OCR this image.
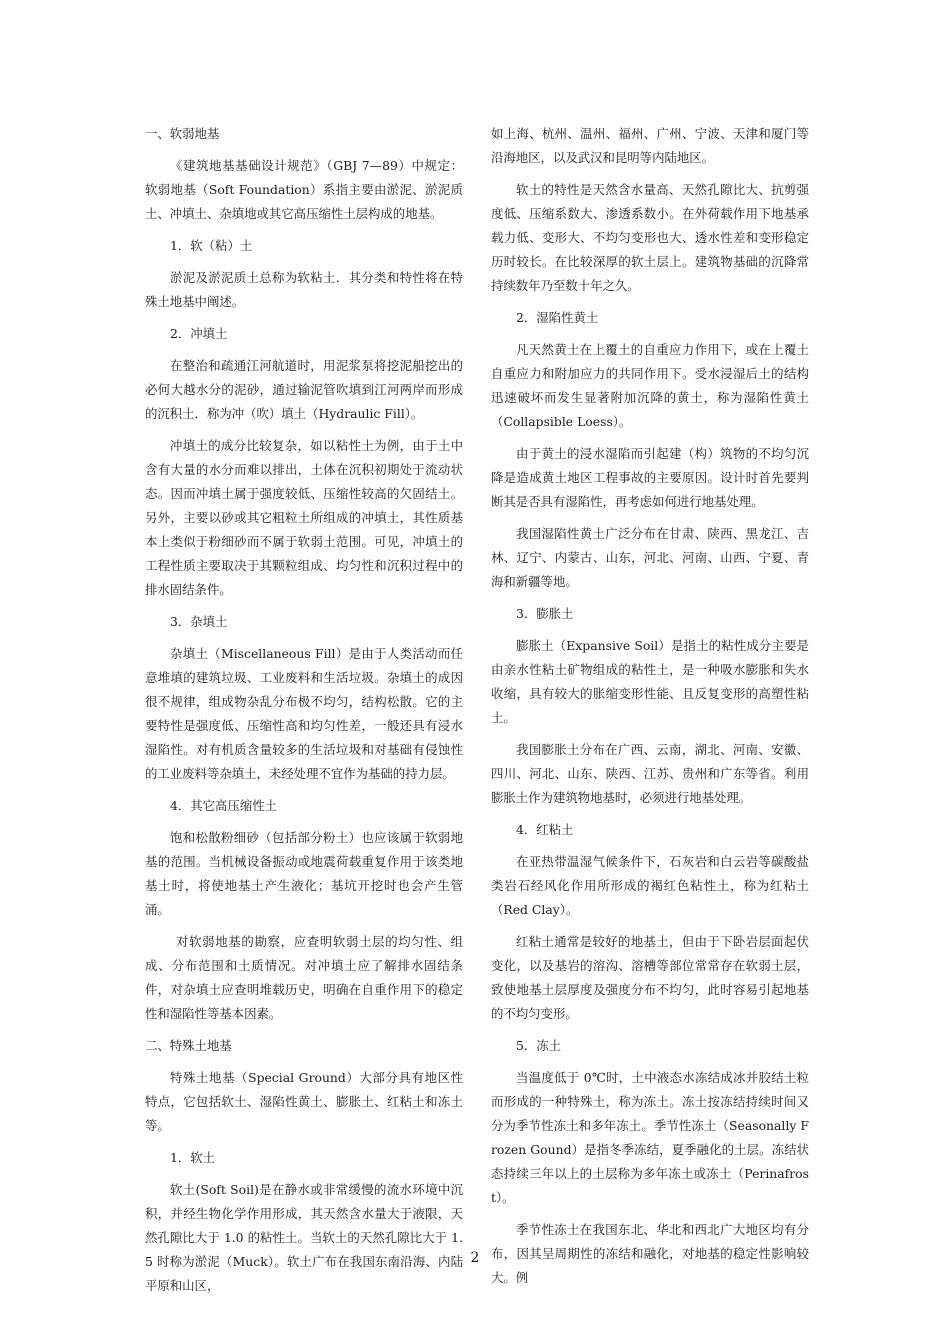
一、软弱地基

《建筑地基基础设计规范》（GBJ 7—89）中规定：软弱地基（Soft Foundation）系指主要由淤泥、淤泥质土、冲填土、杂填地或其它高压缩性土层构成的地基。

1．软（粘）土

淤泥及淤泥质土总称为软粘土．其分类和特性将在特殊土地基中阐述。

2．冲填土

在整治和疏通江河航道时，用泥浆泵将挖泥船挖出的必何大越水分的泥砂，通过输泥管吹填到江河两岸而形成的沉积土．称为冲（吹）填土（Hydraulic Fill）。

冲填土的成分比较复杂，如以粘性土为例，由于土中含有大量的水分而难以排出，土体在沉积初期处于流动状态。因而冲填土属于强度较低、压缩性较高的欠固结土。另外，主要以砂或其它粗粒土所组成的冲填土，其性质基本上类似于粉细砂而不属于软弱土范围。可见，冲填土的工程性质主要取决于其颗粒组成、均匀性和沉积过程中的排水固结条件。

3．杂填土

杂填土（Miscellaneous Fill）是由于人类活动而任意堆填的建筑垃圾、工业废料和生活垃圾。杂填土的成因很不规律，组成物杂乱分布极不均匀，结构松散。它的主要特性是强度低、压缩性高和均匀性差，一般还具有浸水湿陷性。对有机质含量较多的生活垃圾和对基础有侵蚀性的工业废料等杂填土，未经处理不宜作为基础的持力层。

4．其它高压缩性土

饱和松散粉细砂（包括部分粉土）也应该属于软弱地基的范围。当机械设备振动或地震荷载重复作用于该类地基土时，将使地基土产生液化；基坑开挖时也会产生管涌。

对软弱地基的勘察，应查明软弱土层的均匀性、组成、分布范围和土质情况。对冲填土应了解排水固结条件，对杂填土应查明堆载历史，明确在自重作用下的稳定性和湿陷性等基本因素。

二、特殊土地基

特殊土地基（Special Ground）大部分具有地区性特点，它包括软土、湿陷性黄土、膨胀土、红粘土和冻土等。

1．软土

软土(Soft Soil)是在静水或非常缓慢的流水环境中沉积，并经生物化学作用形成，其天然含水量大于液限，天然孔隙比大于 1.0 的粘性土。当软土的天然孔隙比大于 1.5 时称为淤泥（Muck）。软土广布在我国东南沿海、内陆平原和山区，

如上海、杭州、温州、福州、广州、宁波、天津和厦门等沿海地区，以及武汉和昆明等内陆地区。

软土的特性是天然含水量高、天然孔隙比大、抗剪强度低、压缩系数大、渗透系数小。在外荷载作用下地基承载力低、变形大、不均匀变形也大、透水性差和变形稳定历时较长。在比较深厚的软土层上。建筑物基础的沉降常持续数年乃至数十年之久。

2．湿陷性黄土

凡天然黄土在上覆土的自重应力作用下，或在上覆土自重应力和附加应力的共同作用下。受水浸湿后土的结构迅速破坏而发生显著附加沉降的黄土，称为湿陷性黄土（Collapsible Loess）。

由于黄土的浸水湿陷而引起建（构）筑物的不均匀沉降是造成黄土地区工程事故的主要原因。设计时首先要判断其是否具有湿陷性，再考虑如何进行地基处理。

我国湿陷性黄土广泛分布在甘肃、陕西、黑龙江、吉林、辽宁、内蒙古、山东，河北、河南、山西、宁夏、青海和新疆等地。

3．膨胀土

膨胀土（Expansive Soil）是指土的粘性成分主要是由亲水性粘土矿物组成的粘性土，是一种吸水膨胀和失水收缩，具有较大的胀缩变形性能、且反复变形的高塑性粘土。

我国膨胀土分布在广西、云南，湖北、河南、安徽、四川、河北、山东、陕西、江苏、贵州和广东等省。利用膨胀土作为建筑物地基时，必须进行地基处理。

4．红粘土

在亚热带温湿气候条件下，石灰岩和白云岩等碳酸盐类岩石经风化作用所形成的褐红色粘性土，称为红粘土（Red Clay）。

红粘土通常是较好的地基土，但由于下卧岩层面起伏变化，以及基岩的溶沟、溶槽等部位常常存在软弱土层，致使地基土层厚度及强度分布不均匀，此时容易引起地基的不均匀变形。

5．冻土

当温度低于 0℃时，土中液态水冻结成冰并胶结土粒而形成的一种特殊土，称为冻土。冻土按冻结持续时间又分为季节性冻土和多年冻土。季节性冻土（Seasonally Frozen Gound）是指冬季冻结，夏季融化的土层。冻结状态持续三年以上的土层称为多年冻土或冻土（Perinafrost）。

季节性冻土在我国东北、华北和西北广大地区均有分布，因其呈周期性的冻结和融化，对地基的稳定性影响较大。例

2
